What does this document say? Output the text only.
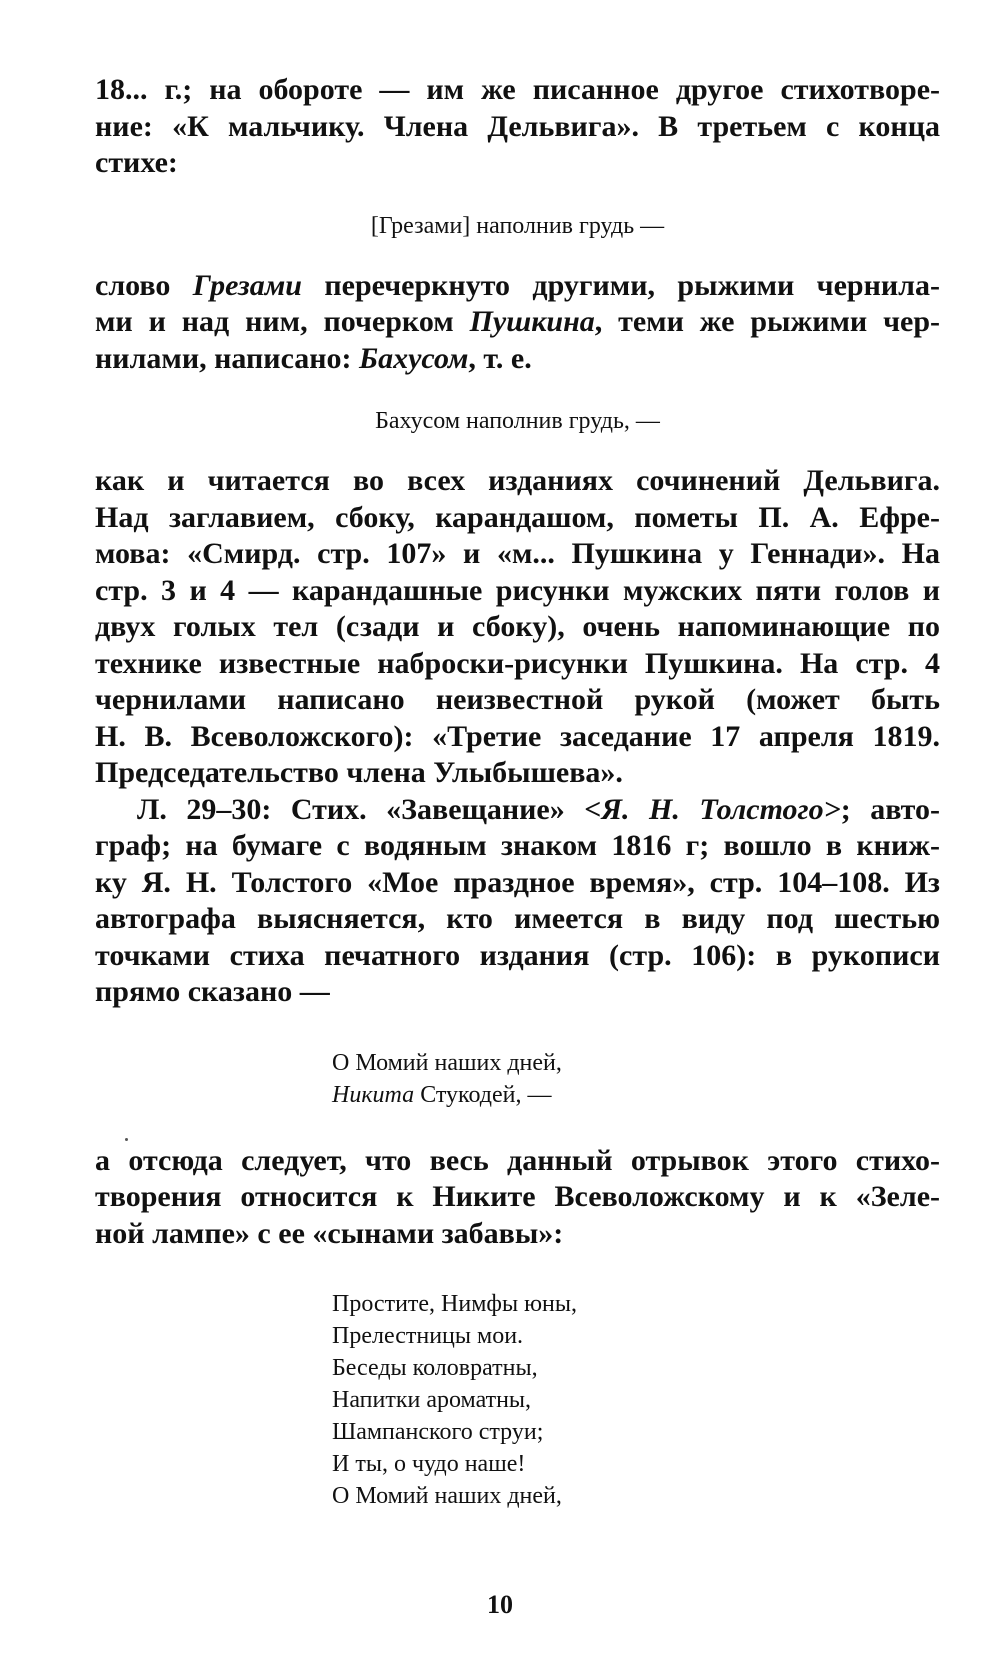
18... г.; на обороте — им же писанное другое стихотворе-
ние: «К мальчику. Члена Дельвига». В третьем с конца
стихе:
[Грезами] наполнив грудь —
слово Грезами перечеркнуто другими, рыжими чернила-
ми и над ним, почерком Пушкина, теми же рыжими чер-
нилами, написано: Бахусом, т. е.
Бахусом наполнив грудь, —
как и читается во всех изданиях сочинений Дельвига.
Над заглавием, сбоку, карандашом, пометы П. А. Ефре-
мова: «Смирд. стр. 107» и «м... Пушкина у Геннади». На
стр. 3 и 4 — карандашные рисунки мужских пяти голов и
двух голых тел (сзади и сбоку), очень напоминающие по
технике известные наброски-рисунки Пушкина. На стр. 4
чернилами написано неизвестной рукой (может быть
Н. В. Всеволожского): «Третие заседание 17 апреля 1819.
Председательство члена Улыбышева».
Л. 29–30: Стих. «Завещание» <Я. Н. Толстого>; авто-
граф; на бумаге с водяным знаком 1816 г; вошло в книж-
ку Я. Н. Толстого «Мое праздное время», стр. 104–108. Из
автографа выясняется, кто имеется в виду под шестью
точками стиха печатного издания (стр. 106): в рукописи
прямо сказано —
О Момий наших дней,
Никита Стукодей, —
а отсюда следует, что весь данный отрывок этого стихо-
творения относится к Никите Всеволожскому и к «Зеле-
ной лампе» с ее «сынами забавы»:
Простите, Нимфы юны,
Прелестницы мои.
Беседы коловратны,
Напитки ароматны,
Шампанского струи;
И ты, о чудо наше!
О Момий наших дней,
10
